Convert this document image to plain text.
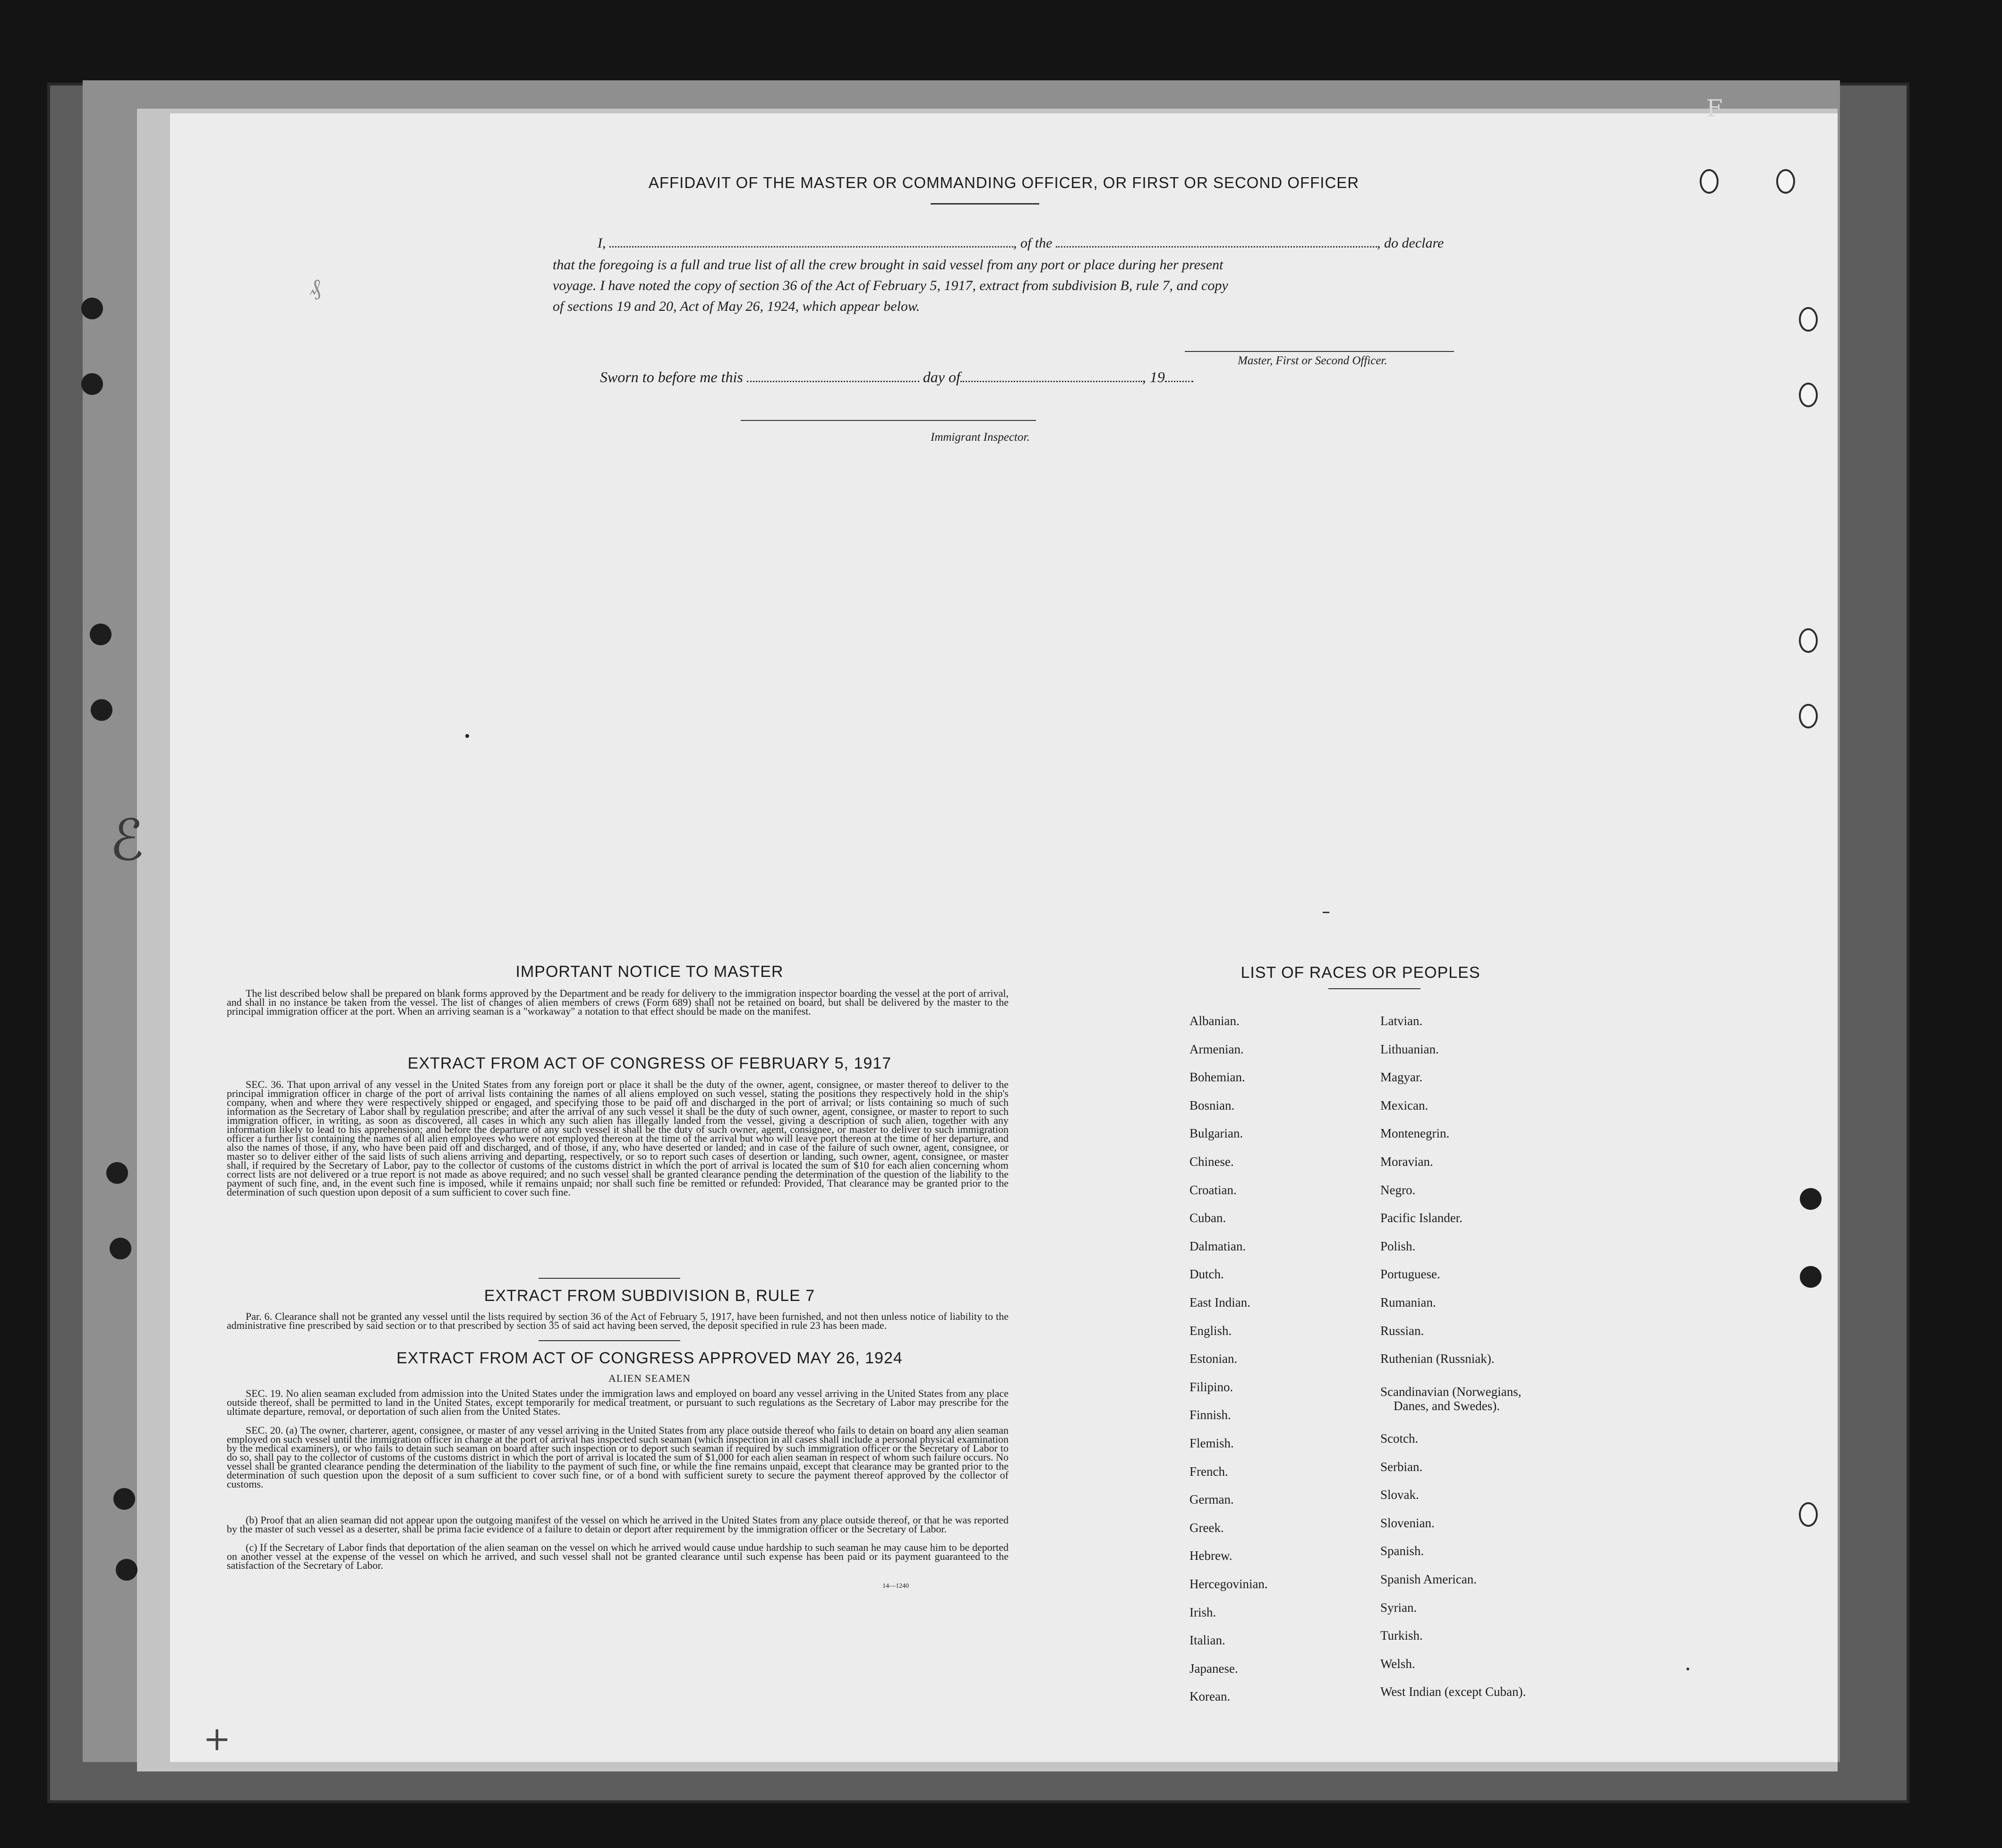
AFFIDAVIT OF THE MASTER OR COMMANDING OFFICER, OR FIRST OR SECOND OFFICER
I,	, of the	, do declare
that the foregoing is a full and true list of all the crew brought in said vessel from any port or place during her present
voyage. I have noted the copy of section 36 of the Act of February 5, 1917, extract from subdivision B, rule 7, and copy
of sections 19 and 20, Act of May 26, 1924, which appear below.
Master, First or Second Officer.
Sworn to before me this	day of	, 19
Immigrant Inspector.
₰
IMPORTANT NOTICE TO MASTER

The list described below shall be prepared on blank forms approved by the Department and be ready for delivery to the immigration inspector boarding the vessel at the port of arrival, and shall in no instance be taken from the vessel. The list of changes of alien members of crews (Form 689) shall not be retained on board, but shall be delivered by the master to the principal immigration officer at the port. When an arriving seaman is a "workaway" a notation to that effect should be made on the manifest.

EXTRACT FROM ACT OF CONGRESS OF FEBRUARY 5, 1917

SEC. 36. That upon arrival of any vessel in the United States from any foreign port or place it shall be the duty of the owner, agent, consignee, or master thereof to deliver to the principal immigration officer in charge of the port of arrival lists containing the names of all aliens employed on such vessel, stating the positions they respectively hold in the ship's company, when and where they were respectively shipped or engaged, and specifying those to be paid off and discharged in the port of arrival; or lists containing so much of such information as the Secretary of Labor shall by regulation prescribe; and after the arrival of any such vessel it shall be the duty of such owner, agent, consignee, or master to report to such immigration officer, in writing, as soon as discovered, all cases in which any such alien has illegally landed from the vessel, giving a description of such alien, together with any information likely to lead to his apprehension; and before the departure of any such vessel it shall be the duty of such owner, agent, consignee, or master to deliver to such immigration officer a further list containing the names of all alien employees who were not employed thereon at the time of the arrival but who will leave port thereon at the time of her departure, and also the names of those, if any, who have been paid off and discharged, and of those, if any, who have deserted or landed; and in case of the failure of such owner, agent, consignee, or master so to deliver either of the said lists of such aliens arriving and departing, respectively, or so to report such cases of desertion or landing, such owner, agent, consignee, or master shall, if required by the Secretary of Labor, pay to the collector of customs of the customs district in which the port of arrival is located the sum of $10 for each alien concerning whom correct lists are not delivered or a true report is not made as above required; and no such vessel shall be granted clearance pending the determination of the question of the liability to the payment of such fine, and, in the event such fine is imposed, while it remains unpaid; nor shall such fine be remitted or refunded: Provided, That clearance may be granted prior to the determination of such question upon deposit of a sum sufficient to cover such fine.

EXTRACT FROM SUBDIVISION B, RULE 7

Par. 6. Clearance shall not be granted any vessel until the lists required by section 36 of the Act of February 5, 1917, have been furnished, and not then unless notice of liability to the administrative fine prescribed by said section or to that prescribed by section 35 of said act having been served, the deposit specified in rule 23 has been made.

EXTRACT FROM ACT OF CONGRESS APPROVED MAY 26, 1924
ALIEN SEAMEN

SEC. 19. No alien seaman excluded from admission into the United States under the immigration laws and employed on board any vessel arriving in the United States from any place outside thereof, shall be permitted to land in the United States, except temporarily for medical treatment, or pursuant to such regulations as the Secretary of Labor may prescribe for the ultimate departure, removal, or deportation of such alien from the United States.

SEC. 20. (a) The owner, charterer, agent, consignee, or master of any vessel arriving in the United States from any place outside thereof who fails to detain on board any alien seaman employed on such vessel until the immigration officer in charge at the port of arrival has inspected such seaman (which inspection in all cases shall include a personal physical examination by the medical examiners), or who fails to detain such seaman on board after such inspection or to deport such seaman if required by such immigration officer or the Secretary of Labor to do so, shall pay to the collector of customs of the customs district in which the port of arrival is located the sum of $1,000 for each alien seaman in respect of whom such failure occurs. No vessel shall be granted clearance pending the determination of the liability to the payment of such fine, or while the fine remains unpaid, except that clearance may be granted prior to the determination of such question upon the deposit of a sum sufficient to cover such fine, or of a bond with sufficient surety to secure the payment thereof approved by the collector of customs.

(b) Proof that an alien seaman did not appear upon the outgoing manifest of the vessel on which he arrived in the United States from any place outside thereof, or that he was reported by the master of such vessel as a deserter, shall be prima facie evidence of a failure to detain or deport after requirement by the immigration officer or the Secretary of Labor.

(c) If the Secretary of Labor finds that deportation of the alien seaman on the vessel on which he arrived would cause undue hardship to such seaman he may cause him to be deported on another vessel at the expense of the vessel on which he arrived, and such vessel shall not be granted clearance until such expense has been paid or its payment guaranteed to the satisfaction of the Secretary of Labor.

14—1240
LIST OF RACES OR PEOPLES
Albanian.
Armenian.
Bohemian.
Bosnian.
Bulgarian.
Chinese.
Croatian.
Cuban.
Dalmatian.
Dutch.
East Indian.
English.
Estonian.
Filipino.
Finnish.
Flemish.
French.
German.
Greek.
Hebrew.
Hercegovinian.
Irish.
Italian.
Japanese.
Korean.
Latvian.
Lithuanian.
Magyar.
Mexican.
Montenegrin.
Moravian.
Negro.
Pacific Islander.
Polish.
Portuguese.
Rumanian.
Russian.
Ruthenian (Russniak).
Scandinavian (Norwegians,
Danes, and Swedes).
Scotch.
Serbian.
Slovak.
Slovenian.
Spanish.
Spanish American.
Syrian.
Turkish.
Welsh.
West Indian (except Cuban).
ℰ
+
F
